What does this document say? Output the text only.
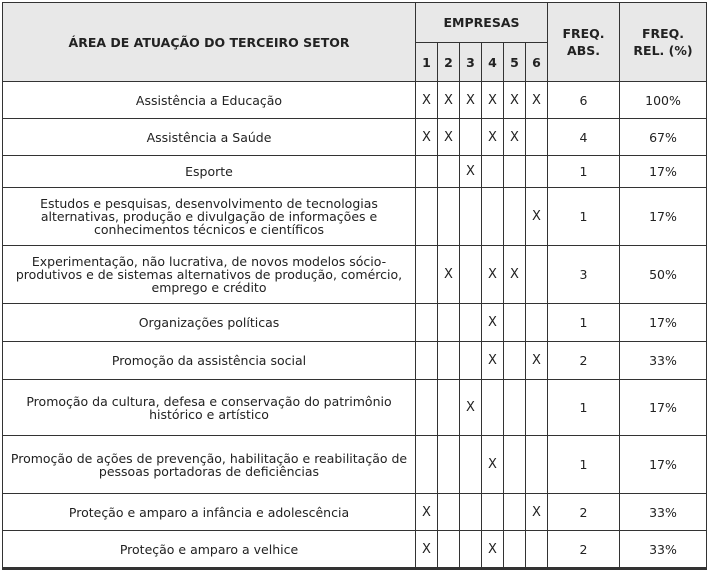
ÁREA DE ATUAÇÃO DO TERCEIRO SETOR	EMPRESAS						FREQ. ABS.	FREQ. REL. (%)
	1	2	3	4	5	6		
Assistência a Educação	X	X	X	X	X	X	6	100%
Assistência a Saúde	X	X		X	X		4	67%
Esporte			X				1	17%
Estudos e pesquisas, desenvolvimento de tecnologias alternativas, produção e divulgação de informações e conhecimentos técnicos e científicos						X	1	17%
Experimentação, não lucrativa, de novos modelos sócio-produtivos e de sistemas alternativos de produção, comércio, emprego e crédito		X		X	X		3	50%
Organizações políticas				X			1	17%
Promoção da assistência social				X		X	2	33%
Promoção da cultura, defesa e conservação do patrimônio histórico e artístico			X				1	17%
Promoção de ações de prevenção, habilitação e reabilitação de pessoas portadoras de deficiências				X			1	17%
Proteção e amparo a infância e adolescência	X					X	2	33%
Proteção e amparo a velhice	X			X			2	33%
